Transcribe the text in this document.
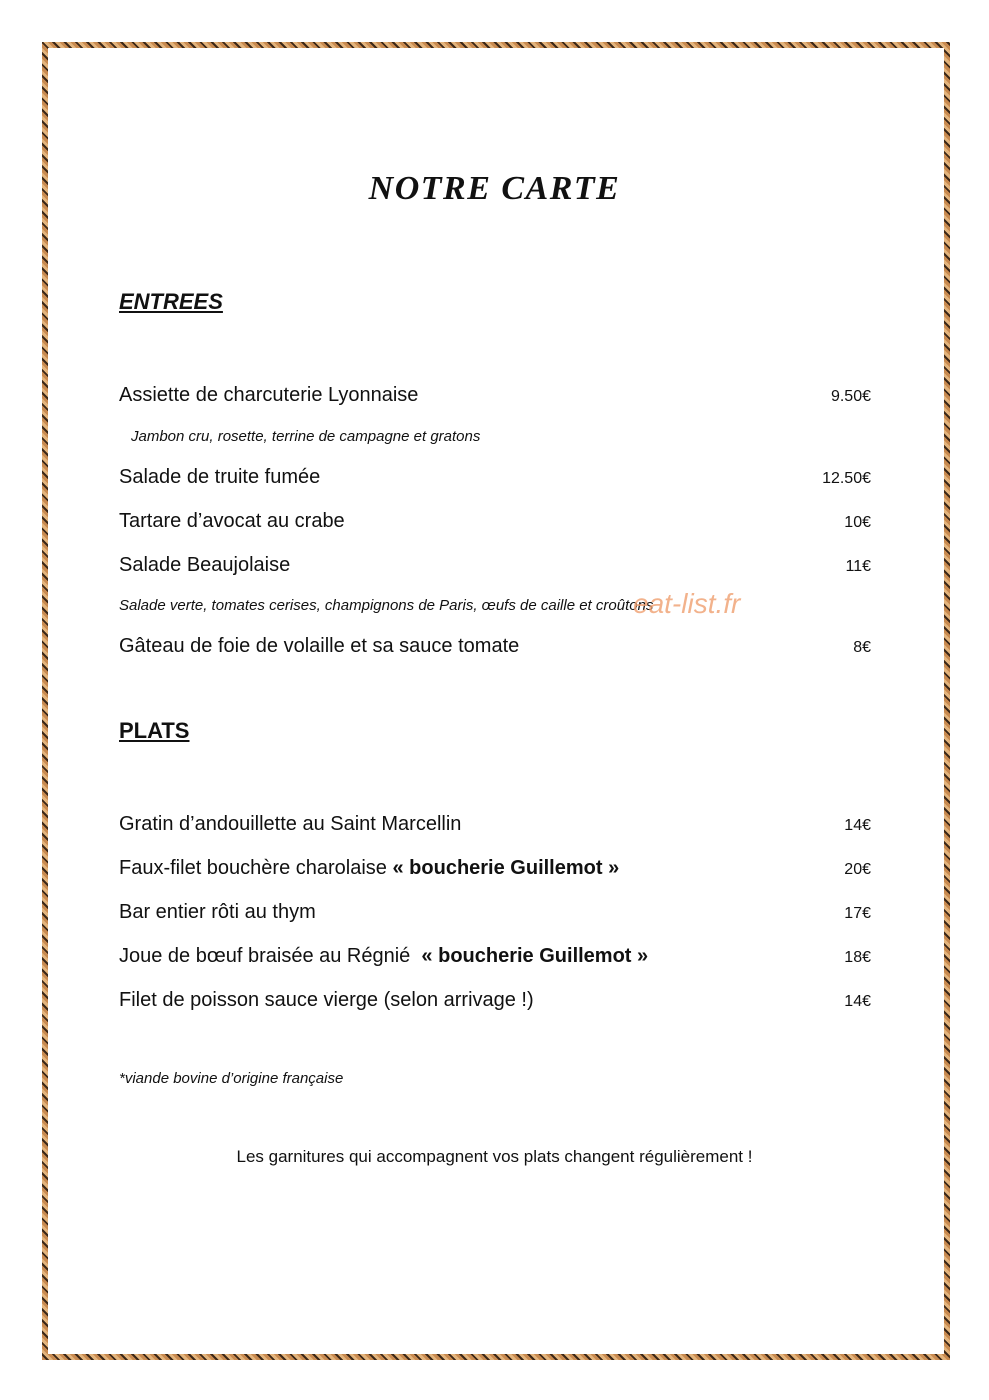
NOTRE CARTE
ENTREES
Assiette de charcuterie Lyonnaise	9.50€
Jambon cru, rosette, terrine de campagne et gratons
Salade de truite fumée	12.50€
Tartare d’avocat au crabe	10€
Salade Beaujolaise	11€
Salade verte, tomates cerises, champignons de Paris, œufs de caille et croûtons
eat-list.fr
Gâteau de foie de volaille et sa sauce tomate	8€
PLATS
Gratin d’andouillette au Saint Marcellin	14€
Faux-filet bouchère charolaise « boucherie Guillemot »	20€
Bar entier rôti au thym	17€
Joue de bœuf braisée au Régnié  « boucherie Guillemot »	18€
Filet de poisson sauce vierge (selon arrivage !)	14€
*viande bovine d’origine française
Les garnitures qui accompagnent vos plats changent régulièrement !
